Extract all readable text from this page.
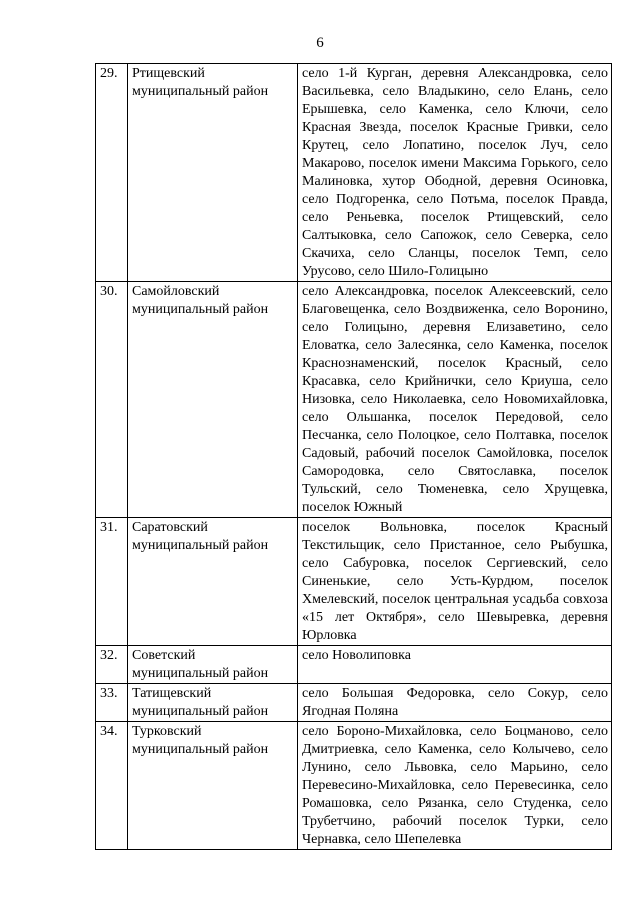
6
29.	Ртищевский муниципальный район	село 1-й Курган, деревня Александровка, село Васильевка, село Владыкино, село Елань, село Ерышевка, село Каменка, село Ключи, село Красная Звезда, поселок Красные Гривки, село Крутец, село Лопатино, поселок Луч, село Макарово, поселок имени Максима Горького, село Малиновка, хутор Ободной, деревня Осиновка, село Подгоренка, село Потьма, поселок Правда, село Реньевка, поселок Ртищевский, село Салтыковка, село Сапожок, село Северка, село Скачиха, село Сланцы, поселок Темп, село Урусово, село Шило-Голицыно
30.	Самойловский муниципальный район	село Александровка, поселок Алексеевский, село Благовещенка, село Воздвиженка, село Воронино, село Голицыно, деревня Елизаветино, село Еловатка, село Залесянка, село Каменка, поселок Краснознаменский, поселок Красный, село Красавка, село Крийнички, село Криуша, село Низовка, село Николаевка, село Новомихайловка, село Ольшанка, поселок Передовой, село Песчанка, село Полоцкое, село Полтавка, поселок Садовый, рабочий поселок Самойловка, поселок Самородовка, село Святославка, поселок Тульский, село Тюменевка, село Хрущевка, поселок Южный
31.	Саратовский муниципальный район	поселок Вольновка, поселок Красный Текстильщик, село Пристанное, село Рыбушка, село Сабуровка, поселок Сергиевский, село Синенькие, село Усть-Курдюм, поселок Хмелевский, поселок центральная усадьба совхоза «15 лет Октября», село Шевыревка, деревня Юрловка
32.	Советский муниципальный район	село Новолиповка
33.	Татищевский муниципальный район	село Большая Федоровка, село Сокур, село Ягодная Поляна
34.	Турковский муниципальный район	село Бороно-Михайловка, село Боцманово, село Дмитриевка, село Каменка, село Колычево, село Лунино, село Львовка, село Марьино, село Перевесино-Михайловка, село Перевесинка, село Ромашовка, село Рязанка, село Студенка, село Трубетчино, рабочий поселок Турки, село Чернавка, село Шепелевка
